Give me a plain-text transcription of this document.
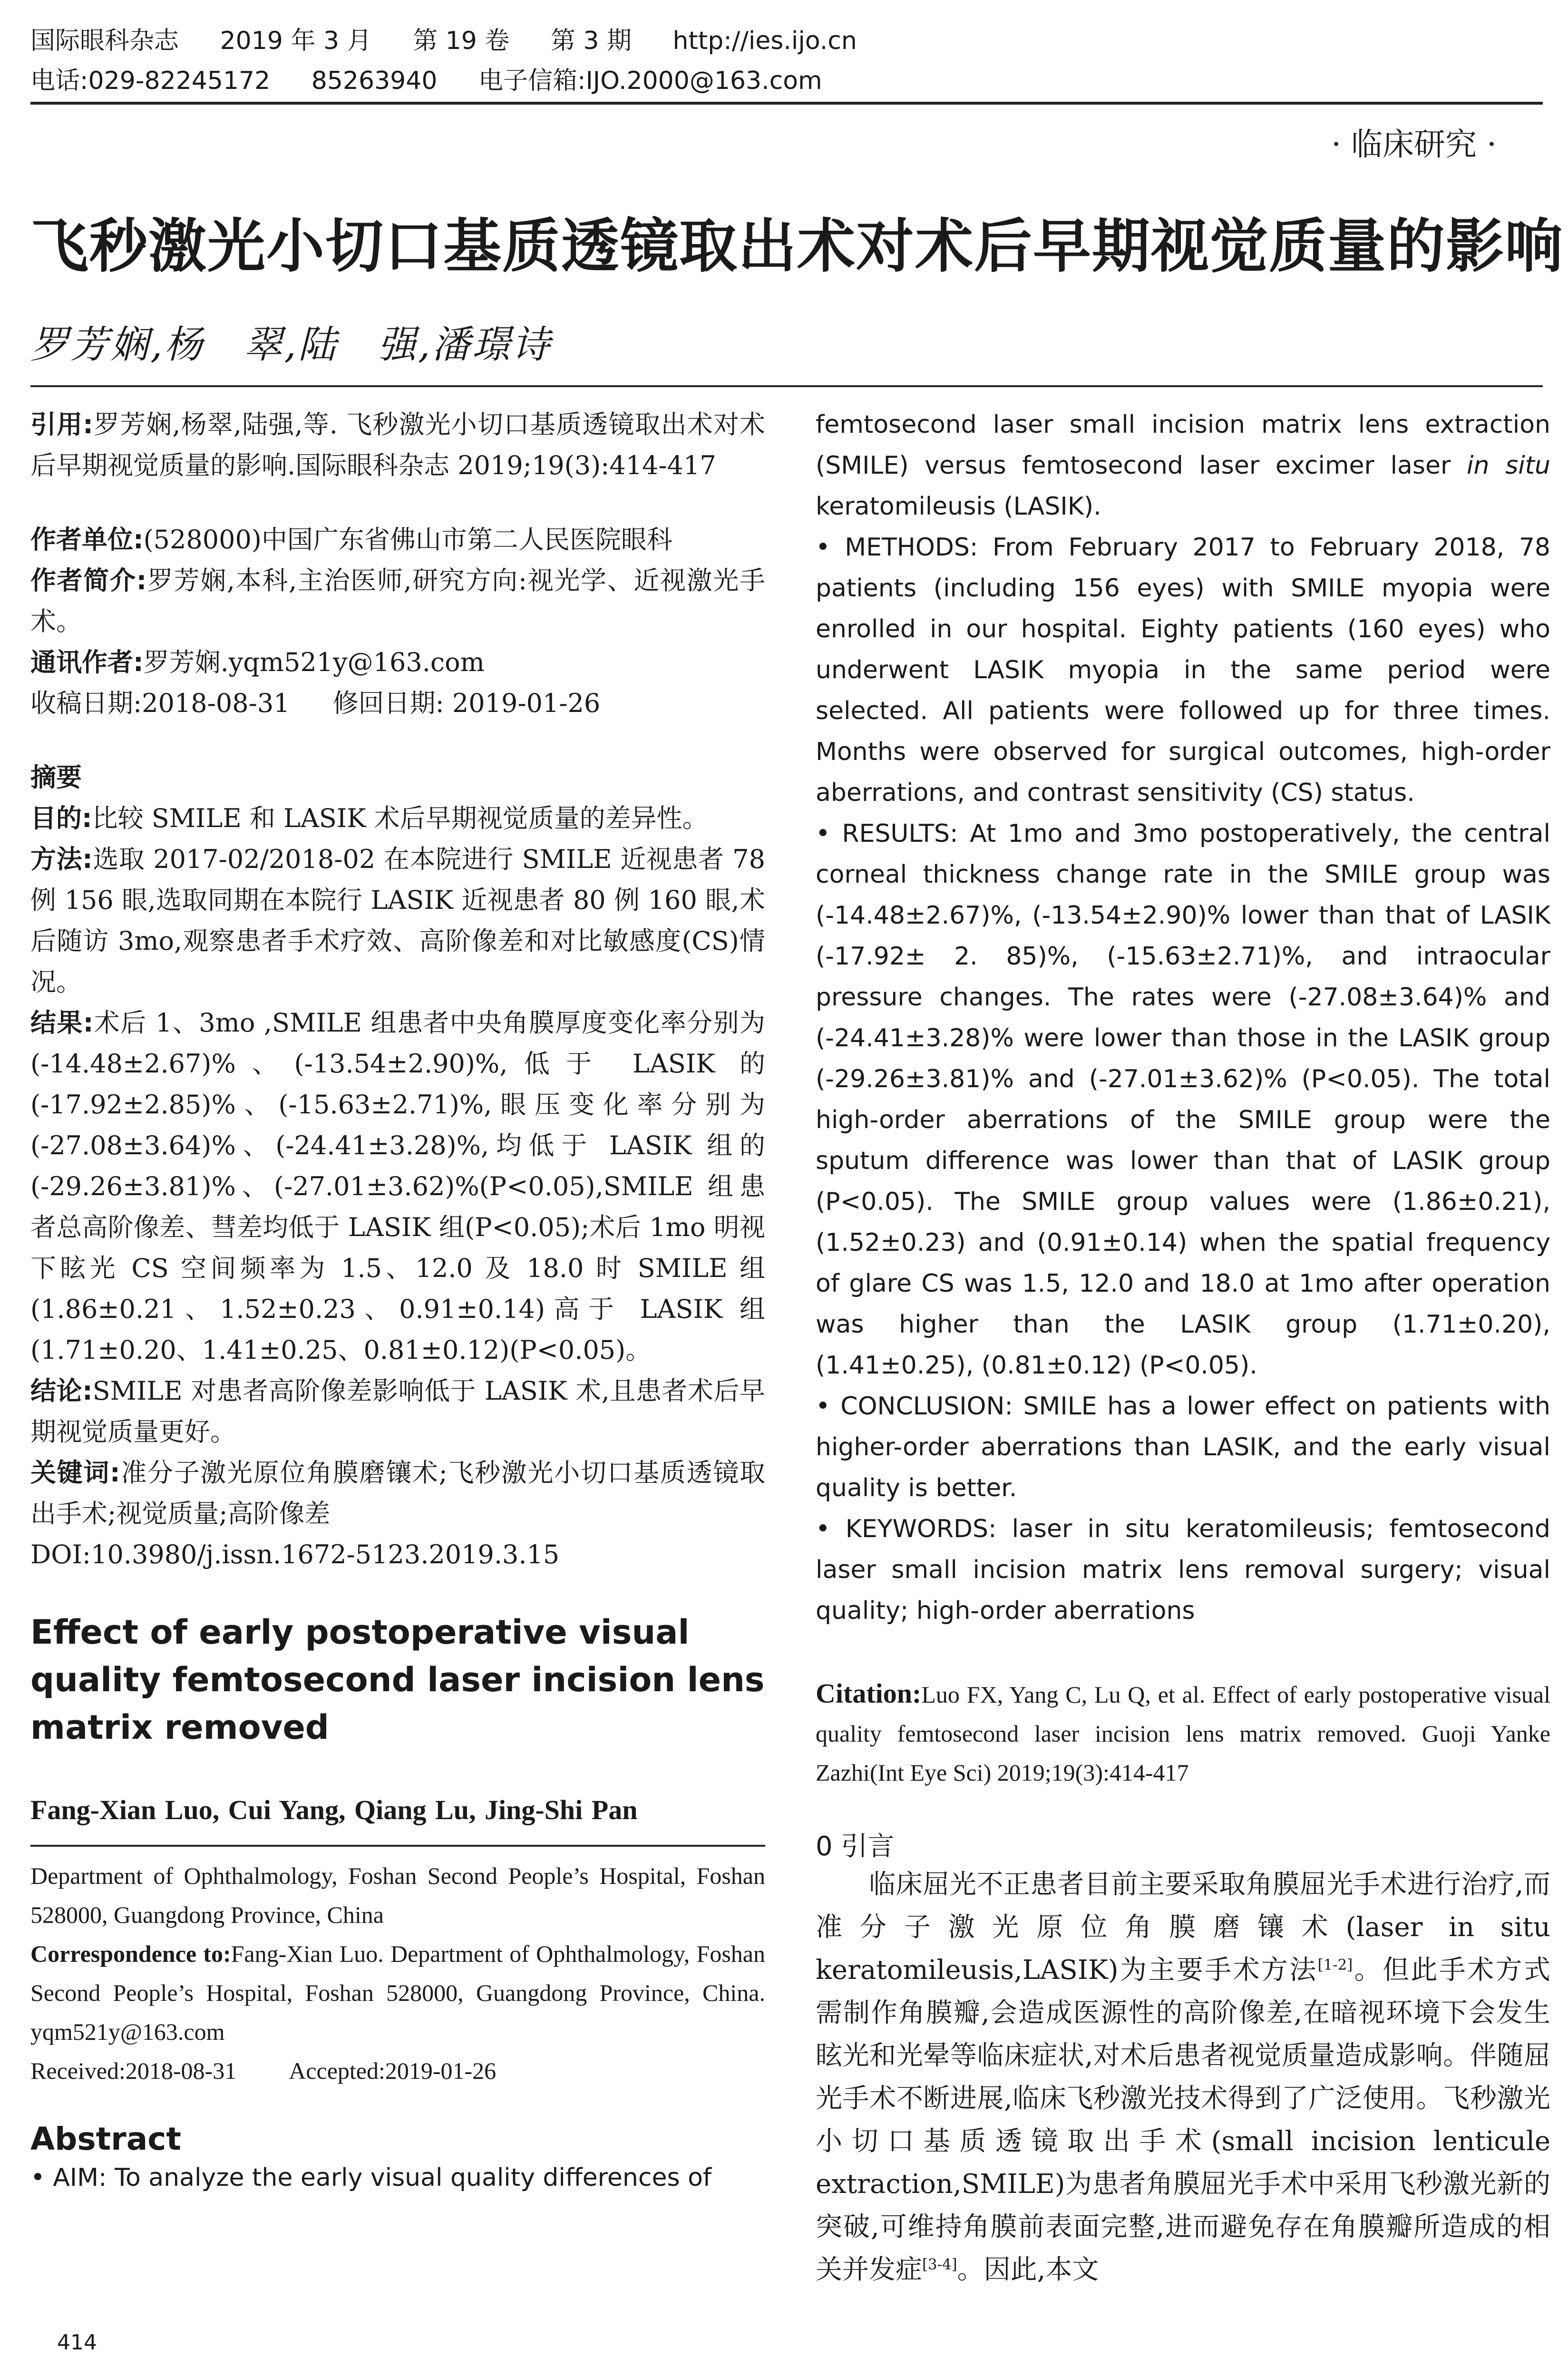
国际眼科杂志 2019 年 3 月 第 19 卷 第 3 期 http://ies.ijo.cn
电话:029-82245172 85263940 电子信箱:IJO.2000@163.com
· 临床研究 ·
飞秒激光小切口基质透镜取出术对术后早期视觉质量的影响
罗芳娴,杨　翠,陆　强,潘璟诗

引用:罗芳娴,杨翠,陆强,等. 飞秒激光小切口基质透镜取出术对术后早期视觉质量的影响.国际眼科杂志 2019;19(3):414-417

作者单位:(528000)中国广东省佛山市第二人民医院眼科

作者简介:罗芳娴,本科,主治医师,研究方向:视光学、近视激光手术。

通讯作者:罗芳娴.yqm521y@163.com

收稿日期:2018-08-31 修回日期: 2019-01-26

摘要

目的:比较 SMILE 和 LASIK 术后早期视觉质量的差异性。

方法:选取 2017-02/2018-02 在本院进行 SMILE 近视患者 78 例 156 眼,选取同期在本院行 LASIK 近视患者 80 例 160 眼,术后随访 3mo,观察患者手术疗效、高阶像差和对比敏感度(CS)情况。

结果:术后 1、3mo ,SMILE 组患者中央角膜厚度变化率分别为(-14.48±2.67)%、(-13.54±2.90)%,低于 LASIK 的(-17.92±2.85)%、(-15.63±2.71)%,眼压变化率分别为(-27.08±3.64)%、(-24.41±3.28)%,均低于 LASIK 组的(-29.26±3.81)%、(-27.01±3.62)%(P<0.05),SMILE 组患者总高阶像差、彗差均低于 LASIK 组(P<0.05);术后 1mo 明视下眩光 CS 空间频率为 1.5、12.0 及 18.0 时 SMILE 组(1.86±0.21、1.52±0.23、0.91±0.14)高于 LASIK 组(1.71±0.20、1.41±0.25、0.81±0.12)(P<0.05)。

结论:SMILE 对患者高阶像差影响低于 LASIK 术,且患者术后早期视觉质量更好。

关键词:准分子激光原位角膜磨镶术;飞秒激光小切口基质透镜取出手术;视觉质量;高阶像差

DOI:10.3980/j.issn.1672-5123.2019.3.15

Effect of early postoperative visual quality femtosecond laser incision lens matrix removed

Fang-Xian Luo, Cui Yang, Qiang Lu, Jing-Shi Pan

Department of Ophthalmology, Foshan Second People’s Hospital, Foshan 528000, Guangdong Province, China

Correspondence to:Fang-Xian Luo. Department of Ophthalmology, Foshan Second People’s Hospital, Foshan 528000, Guangdong Province, China. yqm521y@163.com

Received:2018-08-31 Accepted:2019-01-26

Abstract

• AIM: To analyze the early visual quality differences of

femtosecond laser small incision matrix lens extraction (SMILE) versus femtosecond laser excimer laser in situ keratomileusis (LASIK).

• METHODS: From February 2017 to February 2018, 78 patients (including 156 eyes) with SMILE myopia were enrolled in our hospital. Eighty patients (160 eyes) who underwent LASIK myopia in the same period were selected. All patients were followed up for three times. Months were observed for surgical outcomes, high-order aberrations, and contrast sensitivity (CS) status.

• RESULTS: At 1mo and 3mo postoperatively, the central corneal thickness change rate in the SMILE group was (-14.48±2.67)%, (-13.54±2.90)% lower than that of LASIK (-17.92± 2. 85)%, (-15.63±2.71)%, and intraocular pressure changes. The rates were (-27.08±3.64)% and (-24.41±3.28)% were lower than those in the LASIK group (-29.26±3.81)% and (-27.01±3.62)% (P<0.05). The total high-order aberrations of the SMILE group were the sputum difference was lower than that of LASIK group (P<0.05). The SMILE group values were (1.86±0.21), (1.52±0.23) and (0.91±0.14) when the spatial frequency of glare CS was 1.5, 12.0 and 18.0 at 1mo after operation was higher than the LASIK group (1.71±0.20), (1.41±0.25), (0.81±0.12) (P<0.05).

• CONCLUSION: SMILE has a lower effect on patients with higher-order aberrations than LASIK, and the early visual quality is better.

• KEYWORDS: laser in situ keratomileusis; femtosecond laser small incision matrix lens removal surgery; visual quality; high-order aberrations

Citation:Luo FX, Yang C, Lu Q, et al. Effect of early postoperative visual quality femtosecond laser incision lens matrix removed. Guoji Yanke Zazhi(Int Eye Sci) 2019;19(3):414-417

0 引言

临床屈光不正患者目前主要采取角膜屈光手术进行治疗,而准分子激光原位角膜磨镶术(laser in situ keratomileusis,LASIK)为主要手术方法[1-2]。但此手术方式需制作角膜瓣,会造成医源性的高阶像差,在暗视环境下会发生眩光和光晕等临床症状,对术后患者视觉质量造成影响。伴随屈光手术不断进展,临床飞秒激光技术得到了广泛使用。飞秒激光小切口基质透镜取出手术(small incision lenticule extraction,SMILE)为患者角膜屈光手术中采用飞秒激光新的突破,可维持角膜前表面完整,进而避免存在角膜瓣所造成的相关并发症[3-4]。因此,本文

414
